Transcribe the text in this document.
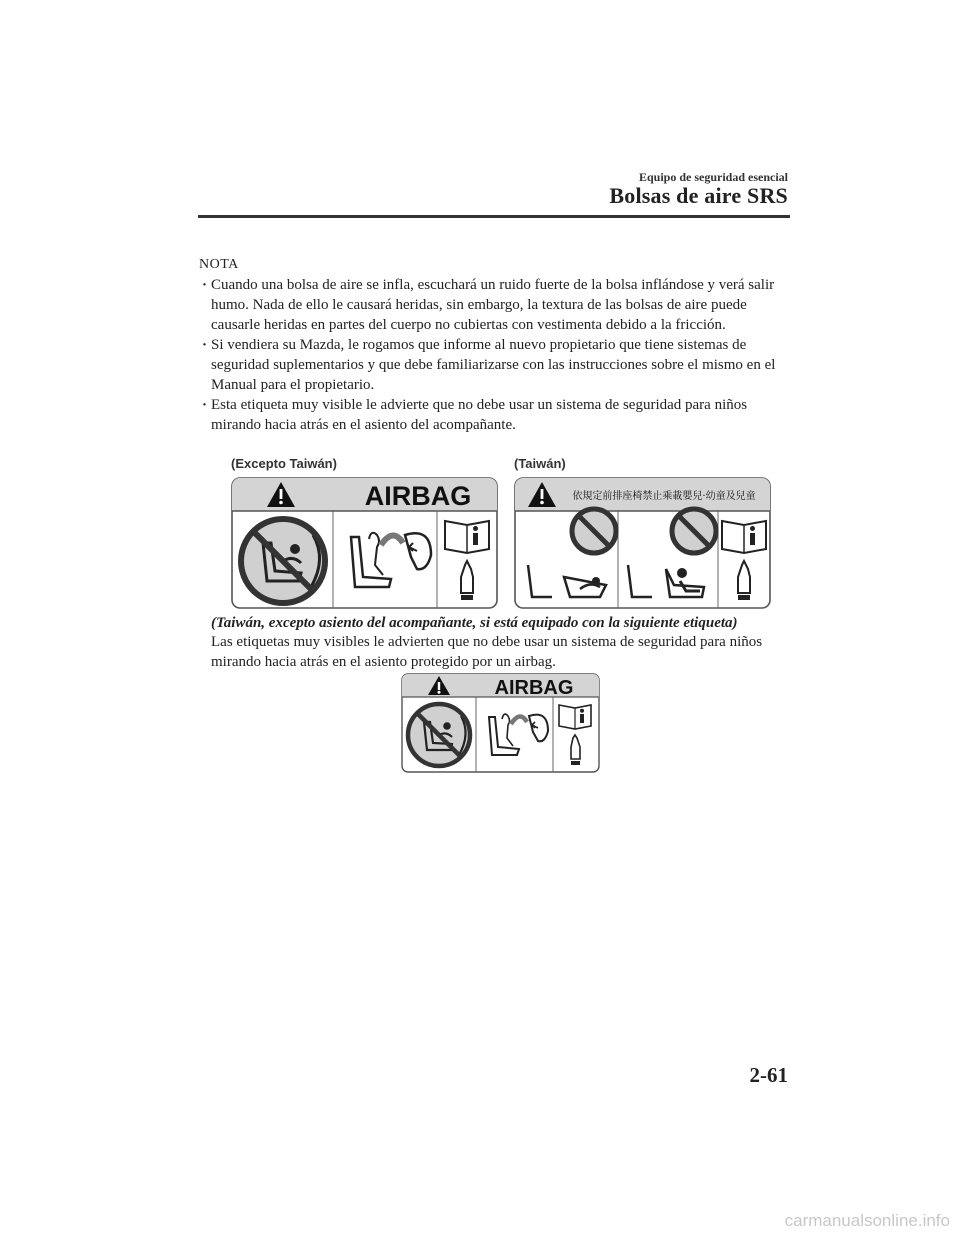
Equipo de seguridad esencial
Bolsas de aire SRS
NOTA
· Cuando una bolsa de aire se infla, escuchará un ruido fuerte de la bolsa inflándose y verá salir humo. Nada de ello le causará heridas, sin embargo, la textura de las bolsas de aire puede causarle heridas en partes del cuerpo no cubiertas con vestimenta debido a la fricción.
· Si vendiera su Mazda, le rogamos que informe al nuevo propietario que tiene sistemas de seguridad suplementarios y que debe familiarizarse con las instrucciones sobre el mismo en el Manual para el propietario.
· Esta etiqueta muy visible le advierte que no debe usar un sistema de seguridad para niños mirando hacia atrás en el asiento del acompañante.
(Excepto Taiwán)	(Taiwán)
AIRBAG	依規定前排座椅禁止乘載嬰兒‧幼童及兒童

(Taiwán, excepto asiento del acompañante, si está equipado con la siguiente etiqueta)

Las etiquetas muy visibles le advierten que no debe usar un sistema de seguridad para niños mirando hacia atrás en el asiento protegido por un airbag.

AIRBAG
2-61
carmanualsonline.info
